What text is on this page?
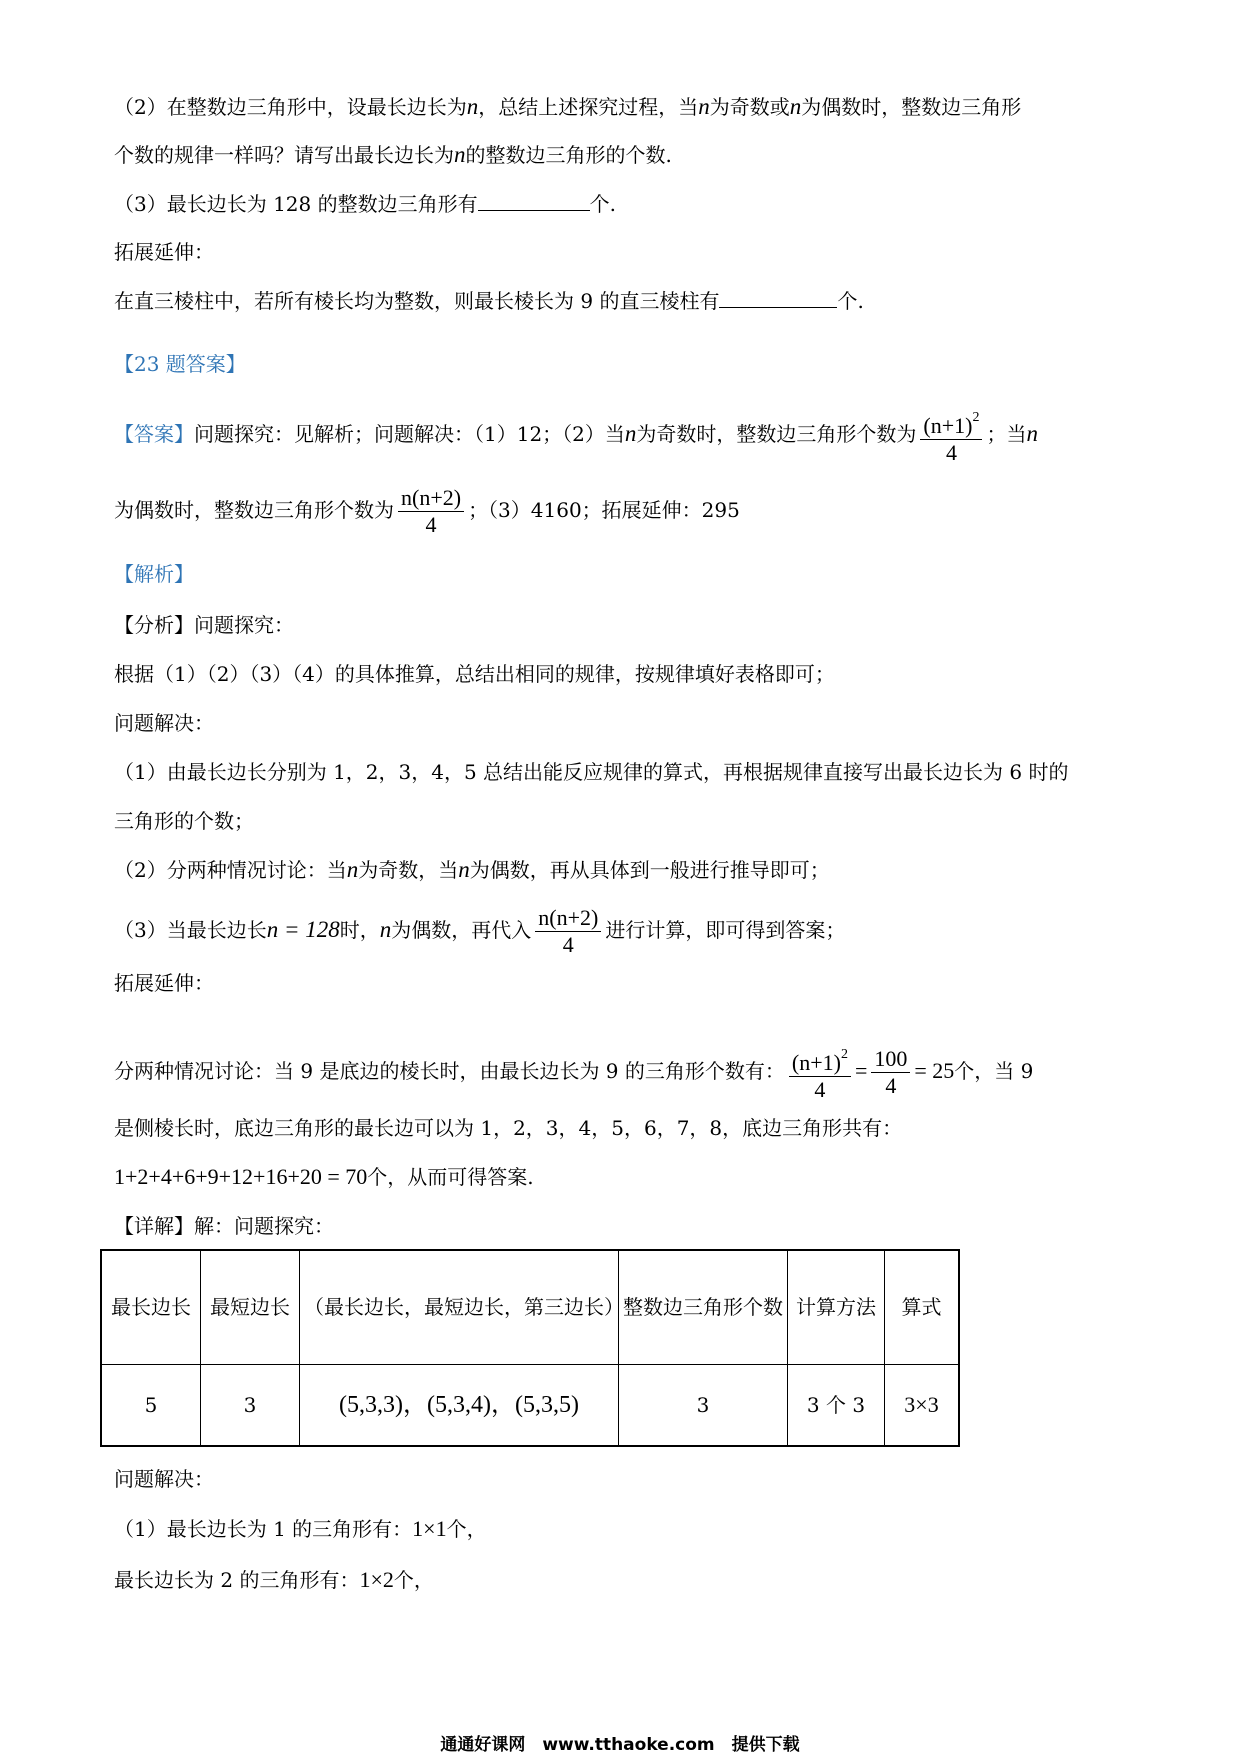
（2）在整数边三角形中，设最长边长为n，总结上述探究过程，当n为奇数或n为偶数时，整数边三角形
个数的规律一样吗？请写出最长边长为n的整数边三角形的个数.
（3）最长边长为 128 的整数边三角形有	个.
拓展延伸：
在直三棱柱中，若所有棱长均为整数，则最长棱长为 9 的直三棱柱有	个.
【23 题答案】
【答案】问题探究：见解析；问题解决：（1）12；（2）当n为奇数时，整数边三角形个数为 $\frac{(n+1)^2}{4}$ ；当n
为偶数时，整数边三角形个数为 $\frac{n(n+2)}{4}$ ；（3）4160；拓展延伸：295
【解析】
【分析】问题探究：
根据（1）（2）（3）（4）的具体推算，总结出相同的规律，按规律填好表格即可；
问题解决：
（1）由最长边长分别为 1，2，3，4，5 总结出能反应规律的算式，再根据规律直接写出最长边长为 6 时的
三角形的个数；
（2）分两种情况讨论：当n为奇数，当n为偶数，再从具体到一般进行推导即可；
（3）当最长边长n = 128时，n为偶数，再代入 $\frac{n(n+2)}{4}$ 进行计算，即可得到答案；
拓展延伸：
分两种情况讨论：当 9 是底边的棱长时，由最长边长为 9 的三角形个数有： $\frac{(n+1)^2}{4} = \frac{100}{4} = 25$个，当 9
是侧棱长时，底边三角形的最长边可以为 1，2，3，4，5，6，7，8，底边三角形共有：
1+2+4+6+9+12+16+20 = 70个，从而可得答案.
【详解】解：问题探究：
最长边长	最短边长	（最长边长，最短边长，第三边长）	整数边三角形个数	计算方法	算式
5	3	(5,3,3)，(5,3,4)，(5,3,5)	3	3 个 3	3×3
问题解决：
（1）最长边长为 1 的三角形有：1×1个，
最长边长为 2 的三角形有：1×2个，
通通好课网　www.tthaoke.com　提供下载
